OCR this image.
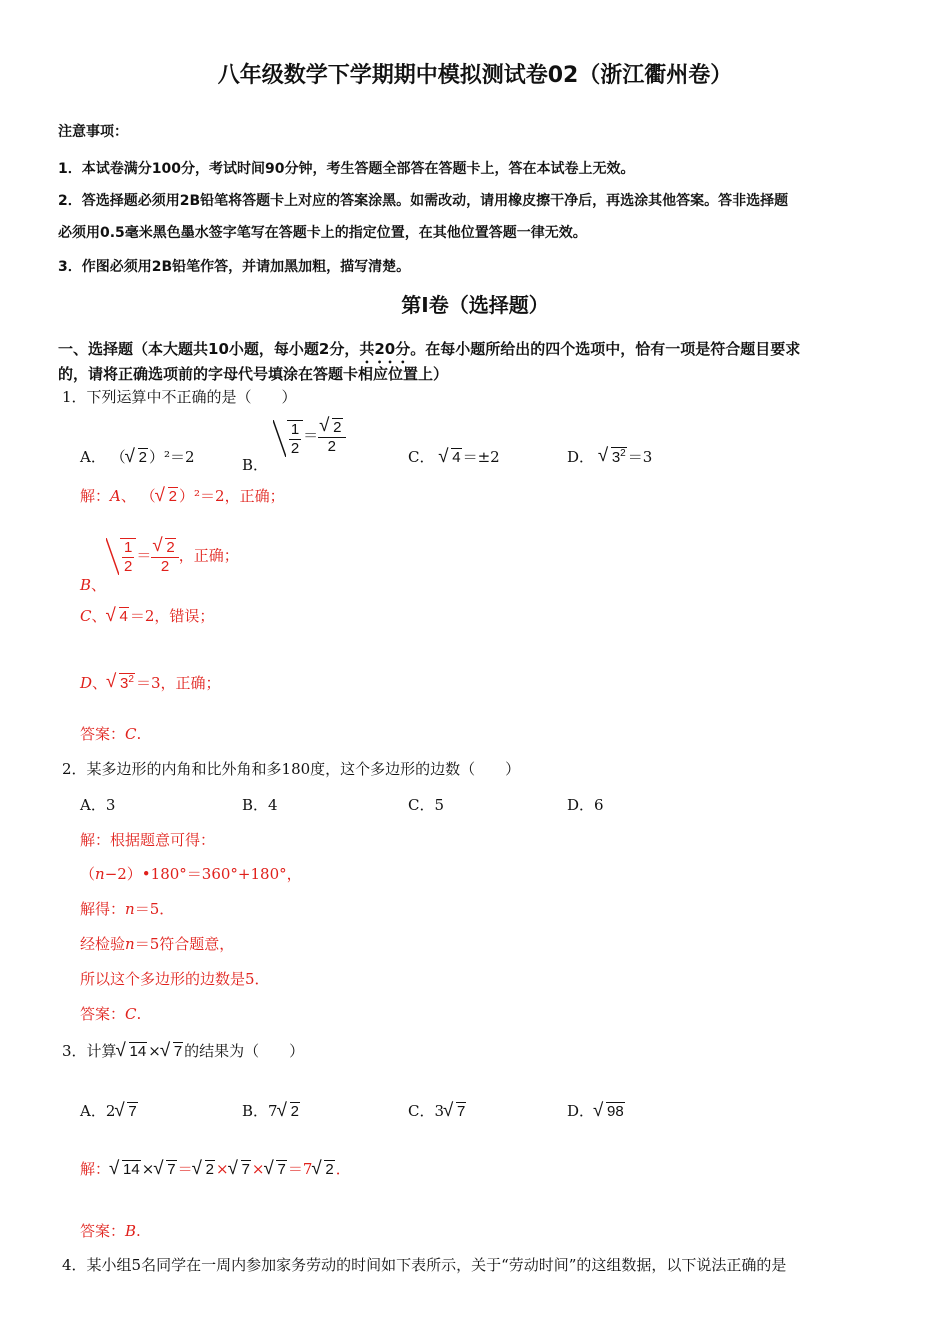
八年级数学下学期期中模拟测试卷02（浙江衢州卷）
注意事项：
1．本试卷满分100分，考试时间90分钟，考生答题全部答在答题卡上，答在本试卷上无效。
2．答选择题必须用2B铅笔将答题卡上对应的答案涂黑。如需改动，请用橡皮擦干净后，再选涂其他答案。答非选择题
必须用0.5毫米黑色墨水签字笔写在答题卡上的指定位置，在其他位置答题一律无效。
3．作图必须用2B铅笔作答，并请加黑加粗，描写清楚。
第Ⅰ卷（选择题）
一、选择题（本大题共10小题，每小题2分，共20分。在每小题所给出的四个选项中，恰有一项是符合题目要求
的，请将正确选项前的字母代号填涂在答题卡相应位置上）
1．下列运算中不正确的是（　　）
A． （ √ 2 ）²＝2	B．
$\frac{1}{2}$ ＝ √ $\frac{2}{2}$
C． √ 4 ＝±2	D． √ $3^2 =3$
解：A、 （ √ 2 ）²＝2，正确；
B、
$\frac{1}{2}$ ＝ √ $\frac{2}{2}$ ，正确；
C、 √ 4 ＝2，错误；
D、 √ $3^2 =3$，正确；
答案：C.
2．某多边形的内角和比外角和多180度，这个多边形的边数（　　）
A．3	B．4	C．5	D．6
解：根据题意可得：
（n−2）•180°＝360°+180°，
解得：n＝5．
经检验n＝5符合题意，
所以这个多边形的边数是5．
答案：C.
3．计算 √ 14 × √ 7 的结果为（　　）
A．2 √ 7	B．7 √ 2	C．3 √ 7	D． √ 98
解： √ 14 × √ 7 ＝ √ 2 × √ 7 × √ 7 ＝7 √ 2 ．
答案：B.
4．某小组5名同学在一周内参加家务劳动的时间如下表所示，关于“劳动时间”的这组数据，以下说法正确的是
